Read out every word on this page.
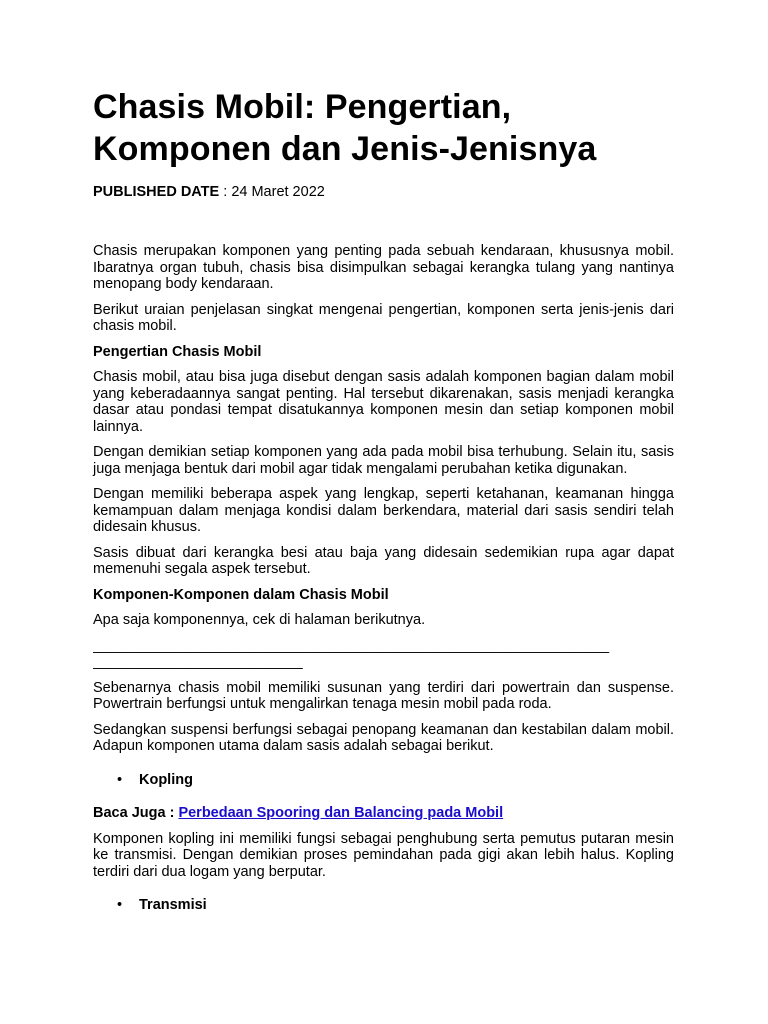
Chasis Mobil: Pengertian, Komponen dan Jenis-Jenisnya
PUBLISHED DATE : 24 Maret 2022

Chasis merupakan komponen yang penting pada sebuah kendaraan, khususnya mobil. Ibaratnya organ tubuh, chasis bisa disimpulkan sebagai kerangka tulang yang nantinya menopang body kendaraan.

Berikut uraian penjelasan singkat mengenai pengertian, komponen serta jenis-jenis dari chasis mobil.

Pengertian Chasis Mobil

Chasis mobil, atau bisa juga disebut dengan sasis adalah komponen bagian dalam mobil yang keberadaannya sangat penting. Hal tersebut dikarenakan, sasis menjadi kerangka dasar atau pondasi tempat disatukannya komponen mesin dan setiap komponen mobil lainnya.

Dengan demikian setiap komponen yang ada pada mobil bisa terhubung. Selain itu, sasis juga menjaga bentuk dari mobil agar tidak mengalami perubahan ketika digunakan.

Dengan memiliki beberapa aspek yang lengkap, seperti ketahanan, keamanan hingga kemampuan dalam menjaga kondisi dalam berkendara, material dari sasis sendiri telah didesain khusus.

Sasis dibuat dari kerangka besi atau baja yang didesain sedemikian rupa agar dapat memenuhi segala aspek tersebut.

Komponen-Komponen dalam Chasis Mobil

Apa saja komponennya, cek di halaman berikutnya.

________________________________________________________________
__________________________

Sebenarnya chasis mobil memiliki susunan yang terdiri dari powertrain dan suspense. Powertrain berfungsi untuk mengalirkan tenaga mesin mobil pada roda.

Sedangkan suspensi berfungsi sebagai penopang keamanan dan kestabilan dalam mobil. Adapun komponen utama dalam sasis adalah sebagai berikut.

• Kopling
Baca Juga : Perbedaan Spooring dan Balancing pada Mobil

Komponen kopling ini memiliki fungsi sebagai penghubung serta pemutus putaran mesin ke transmisi. Dengan demikian proses pemindahan pada gigi akan lebih halus. Kopling terdiri dari dua logam yang berputar.

• Transmisi
